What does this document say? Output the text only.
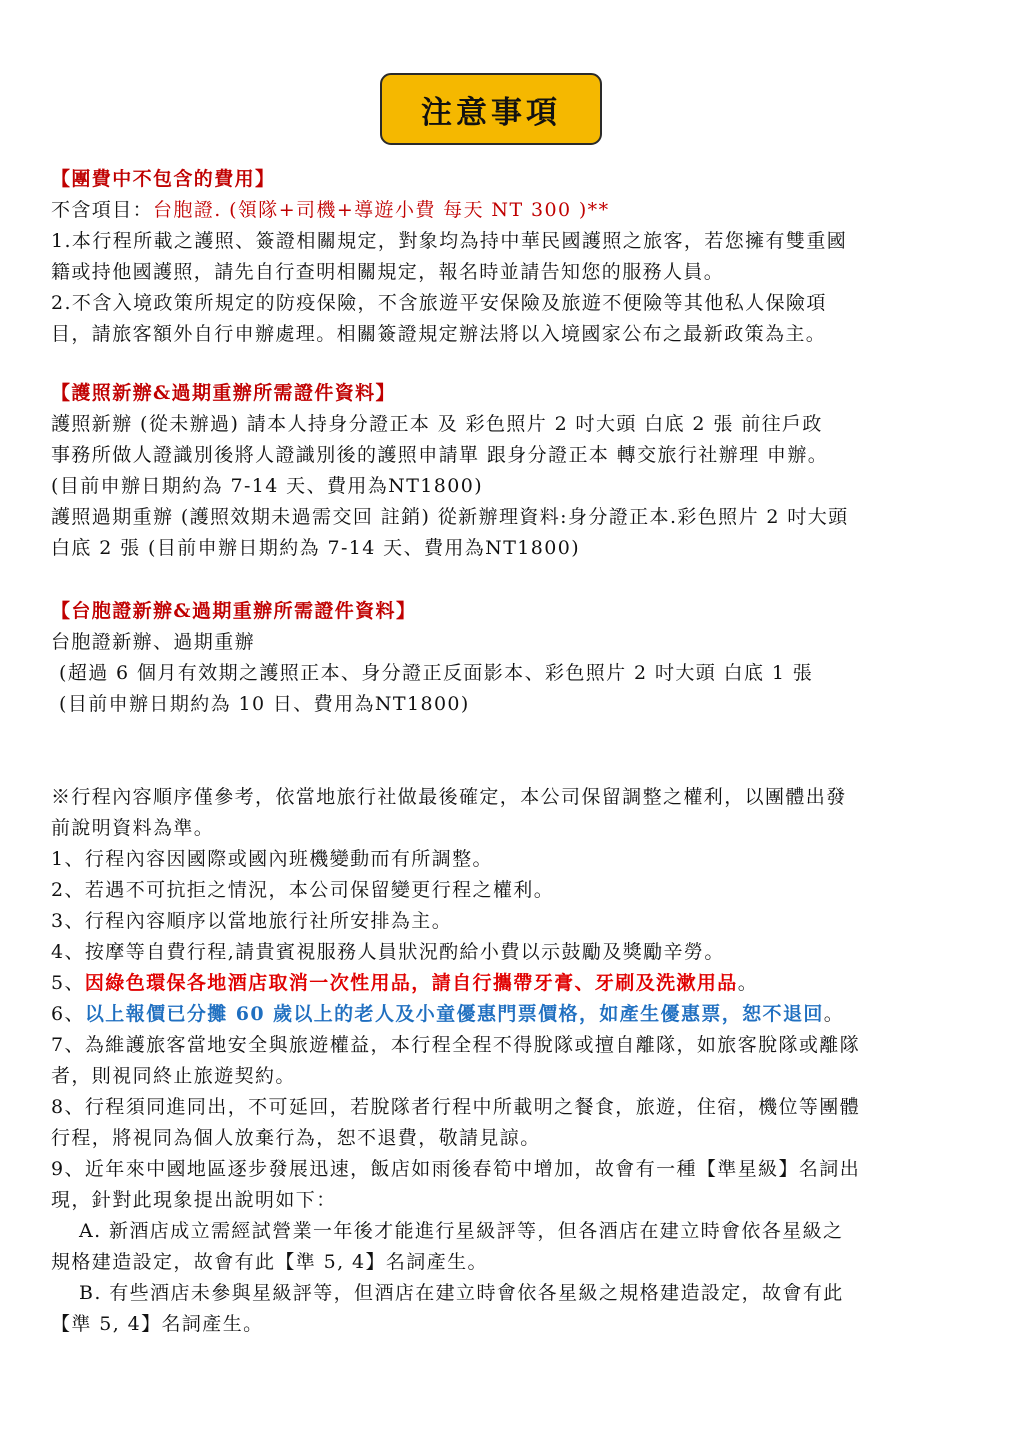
注意事項
【團費中不包含的費用】
不含項目：台胞證. (領隊+司機+導遊小費 每天 NT 300 )**
1.本行程所載之護照、簽證相關規定，對象均為持中華民國護照之旅客，若您擁有雙重國
籍或持他國護照，請先自行查明相關規定，報名時並請告知您的服務人員。
2.不含入境政策所規定的防疫保險，不含旅遊平安保險及旅遊不便險等其他私人保險項
目，請旅客額外自行申辦處理。相關簽證規定辦法將以入境國家公布之最新政策為主。
【護照新辦&過期重辦所需證件資料】
護照新辦 (從未辦過) 請本人持身分證正本 及 彩色照片 2 吋大頭 白底 2 張 前往戶政
事務所做人證識別後將人證識別後的護照申請單 跟身分證正本 轉交旅行社辦理 申辦。
(目前申辦日期約為 7-14 天、費用為NT1800)
護照過期重辦 (護照效期未過需交回 註銷) 從新辦理資料:身分證正本.彩色照片 2 吋大頭
白底 2 張 (目前申辦日期約為 7-14 天、費用為NT1800)
【台胞證新辦&過期重辦所需證件資料】
台胞證新辦、過期重辦
(超過 6 個月有效期之護照正本、身分證正反面影本、彩色照片 2 吋大頭 白底 1 張
(目前申辦日期約為 10 日、費用為NT1800)
※行程內容順序僅參考，依當地旅行社做最後確定，本公司保留調整之權利，以團體出發
前說明資料為準。
1、行程內容因國際或國內班機變動而有所調整。
2、若遇不可抗拒之情況，本公司保留變更行程之權利。
3、行程內容順序以當地旅行社所安排為主。
4、按摩等自費行程,請貴賓視服務人員狀況酌給小費以示鼓勵及獎勵辛勞。
5、因綠色環保各地酒店取消一次性用品，請自行攜帶牙膏、牙刷及洗漱用品。
6、以上報價已分攤 60 歲以上的老人及小童優惠門票價格，如產生優惠票，恕不退回。
7、為維護旅客當地安全與旅遊權益，本行程全程不得脫隊或擅自離隊，如旅客脫隊或離隊
者，則視同終止旅遊契約。
8、行程須同進同出，不可延回，若脫隊者行程中所載明之餐食，旅遊，住宿，機位等團體
行程，將視同為個人放棄行為，恕不退費，敬請見諒。
9、近年來中國地區逐步發展迅速，飯店如雨後春筍中增加，故會有一種【準星級】名詞出
現，針對此現象提出說明如下：
A. 新酒店成立需經試營業一年後才能進行星級評等，但各酒店在建立時會依各星級之
規格建造設定，故會有此【準 5, 4】名詞產生。
B. 有些酒店未參與星級評等，但酒店在建立時會依各星級之規格建造設定，故會有此
【準 5, 4】名詞產生。
